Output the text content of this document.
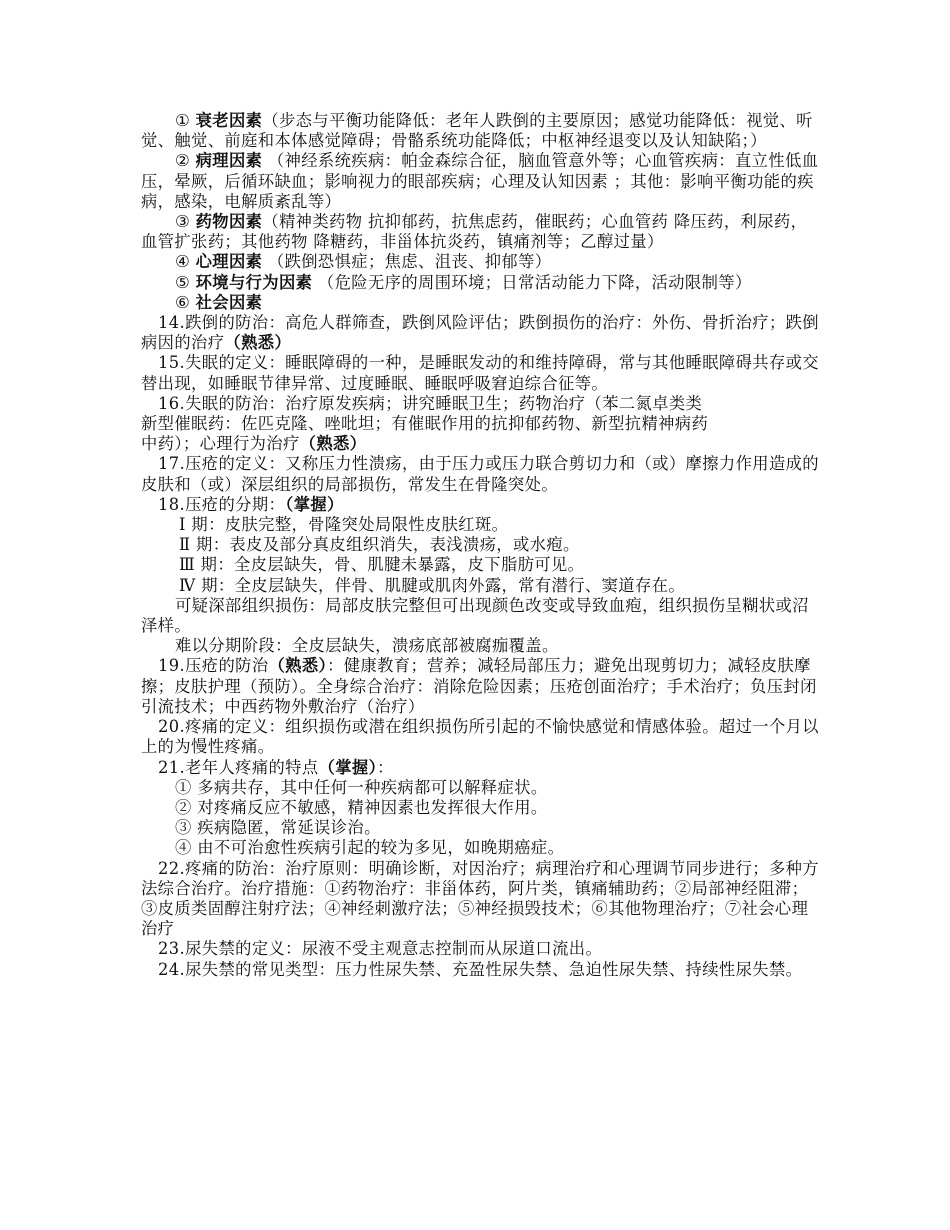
① 衰老因素（步态与平衡功能降低：老年人跌倒的主要原因；感觉功能降低：视觉、听觉、触觉、前庭和本体感觉障碍；骨骼系统功能降低；中枢神经退变以及认知缺陷；）

② 病理因素 （神经系统疾病：帕金森综合征，脑血管意外等；心血管疾病：直立性低血压，晕厥，后循环缺血；影响视力的眼部疾病；心理及认知因素 ；其他：影响平衡功能的疾病，感染，电解质紊乱等）

③ 药物因素（精神类药物 抗抑郁药，抗焦虑药，催眠药；心血管药 降压药，利尿药，血管扩张药；其他药物 降糖药，非甾体抗炎药，镇痛剂等；乙醇过量）

④ 心理因素 （跌倒恐惧症；焦虑、沮丧、抑郁等）

⑤ 环境与行为因素 （危险无序的周围环境；日常活动能力下降，活动限制等）

⑥ 社会因素

14.跌倒的防治：高危人群筛查，跌倒风险评估；跌倒损伤的治疗：外伤、骨折治疗；跌倒病因的治疗（熟悉）

15.失眠的定义：睡眠障碍的一种，是睡眠发动的和维持障碍，常与其他睡眠障碍共存或交替出现，如睡眠节律异常、过度睡眠、睡眠呼吸窘迫综合征等。

16.失眠的防治：治疗原发疾病；讲究睡眠卫生；药物治疗（苯二氮卓类类

新型催眠药：佐匹克隆、唑吡坦；有催眠作用的抗抑郁药物、新型抗精神病药

中药）；心理行为治疗（熟悉）

17.压疮的定义：又称压力性溃疡，由于压力或压力联合剪切力和（或）摩擦力作用造成的皮肤和（或）深层组织的局部损伤，常发生在骨隆突处。

18.压疮的分期：（掌握）

Ⅰ 期：皮肤完整，骨隆突处局限性皮肤红斑。

Ⅱ 期：表皮及部分真皮组织消失，表浅溃疡，或水疱。

Ⅲ 期：全皮层缺失，骨、肌腱未暴露，皮下脂肪可见。

Ⅳ 期：全皮层缺失，伴骨、肌腱或肌肉外露，常有潜行、窦道存在。

可疑深部组织损伤：局部皮肤完整但可出现颜色改变或导致血疱，组织损伤呈糊状或沼泽样。

难以分期阶段：全皮层缺失，溃疡底部被腐痂覆盖。

19.压疮的防治（熟悉）：健康教育；营养；减轻局部压力；避免出现剪切力；减轻皮肤摩擦；皮肤护理（预防）。全身综合治疗：消除危险因素；压疮创面治疗；手术治疗；负压封闭引流技术；中西药物外敷治疗（治疗）

20.疼痛的定义：组织损伤或潜在组织损伤所引起的不愉快感觉和情感体验。超过一个月以上的为慢性疼痛。

21.老年人疼痛的特点（掌握）：

① 多病共存，其中任何一种疾病都可以解释症状。

② 对疼痛反应不敏感，精神因素也发挥很大作用。

③ 疾病隐匿，常延误诊治。

④ 由不可治愈性疾病引起的较为多见，如晚期癌症。

22.疼痛的防治：治疗原则：明确诊断，对因治疗；病理治疗和心理调节同步进行；多种方法综合治疗。治疗措施：①药物治疗：非甾体药，阿片类，镇痛辅助药；②局部神经阻滞；③皮质类固醇注射疗法；④神经刺激疗法；⑤神经损毁技术；⑥其他物理治疗；⑦社会心理治疗

23.尿失禁的定义：尿液不受主观意志控制而从尿道口流出。

24.尿失禁的常见类型：压力性尿失禁、充盈性尿失禁、急迫性尿失禁、持续性尿失禁。
